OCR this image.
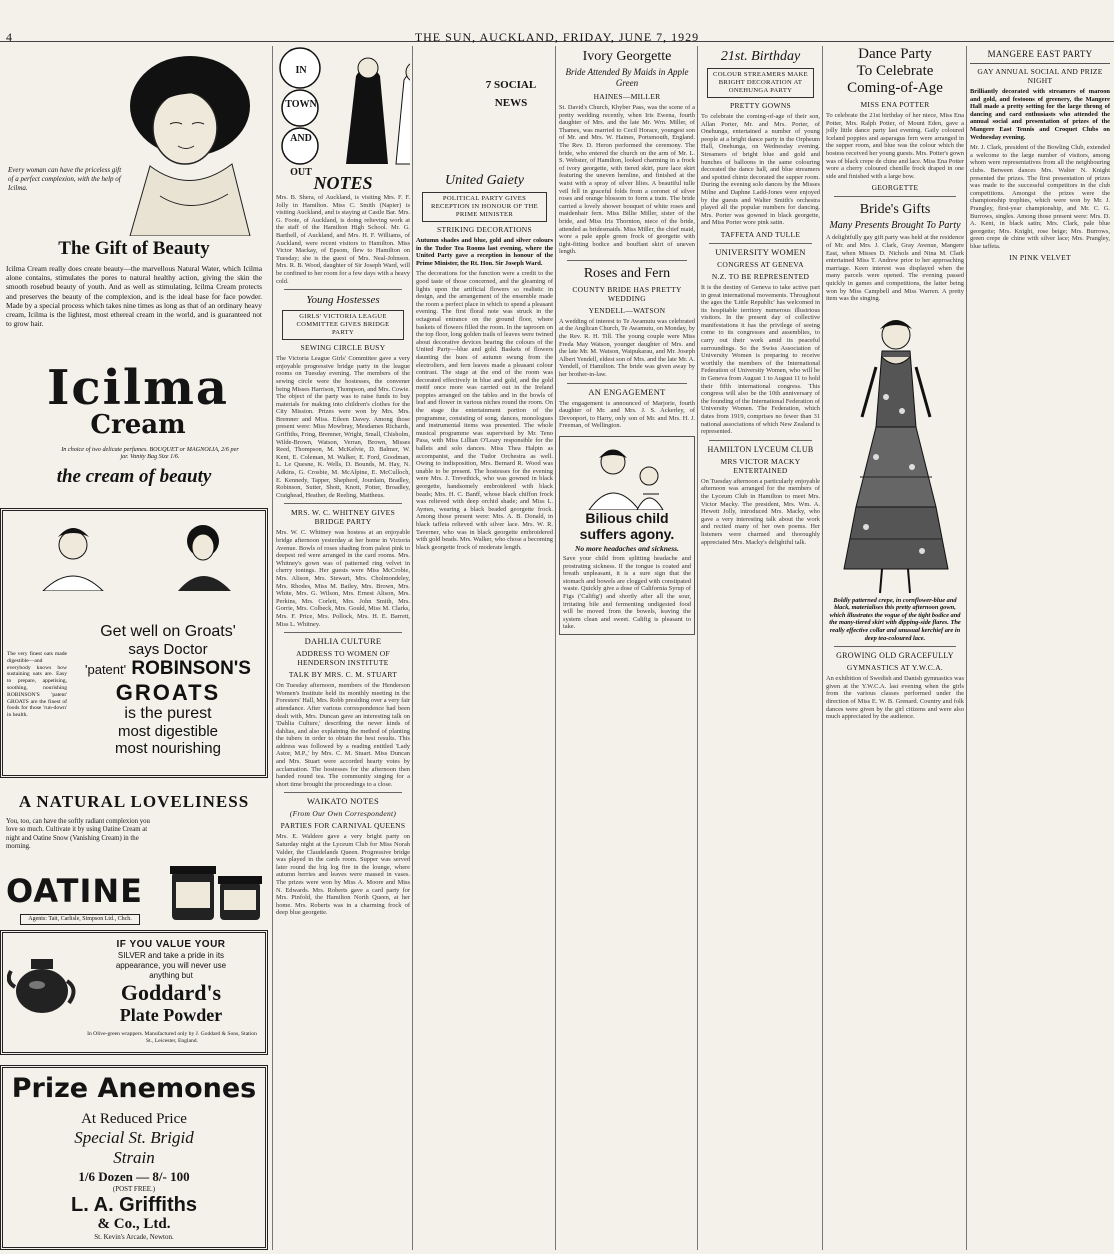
4	THE SUN, AUCKLAND, FRIDAY, JUNE 7, 1929
Every woman can have the priceless gift of a perfect complexion, with the help of Icilma.
The Gift of Beauty
Icilma Cream really does create beauty—the marvellous Natural Water, which Icilma alone contains, stimulates the pores to natural healthy action, giving the skin the smooth rosebud beauty of youth. And as well as stimulating, Icilma Cream protects and preserves the beauty of the complexion, and is the ideal base for face powder. Made by a special process which takes nine times as long as that of an ordinary heavy cream, Icilma is the lightest, most ethereal cream in the world, and is guaranteed not to grow hair.
Icilma
Cream
In choice of two delicate perfumes. BOUQUET or MAGNOLIA, 2/6 per jar. Vanity Bag Size 1/6.
the cream of beauty
The very finest oats made digestible—and everybody knows how sustaining oats are. Easy to prepare, appetising, soothing, nourishing ROBINSON'S 'patent' GROATS are the finest of foods for those 'run-down' in health.
Get well on Groats'
says Doctor
'patent' ROBINSON'S
GROATS
is the purest
most digestible
most nourishing
A NATURAL LOVELINESS
You, too, can have the softly radiant complexion you love so much. Cultivate it by using Oatine Cream at night and Oatine Snow (Vanishing Cream) in the morning.
OATINE
Agents: Tait, Carlisle, Simpson Ltd., Chch.
IF YOU VALUE YOUR
SILVER and take a pride in its
appearance, you will never use
anything but
Goddard's
Plate Powder
In Olive-green wrappers. Manufactured only by J. Goddard & Sons, Station St., Leicester, England.
Prize Anemones
At Reduced Price
Special St. Brigid
Strain
1/6 Dozen — 8/- 100
(POST FREE.)
L. A. Griffiths
& Co., Ltd.
St. Kevin's Arcade, Newton.
IN TOWN AND OUT
NOTES
Mrs. B. Shera, of Auckland, is visiting Mrs. F. F. Jolly in Hamilton. Miss C. Smith (Napier) is visiting Auckland, and is staying at Castle Bar. Mrs. G. Foote, of Auckland, is doing relieving work at the staff of the Hamilton High School. Mr. G. Barthell, of Auckland, and Mrs. H. F. Williams, of Auckland, were recent visitors to Hamilton. Miss Victor Mackay, of Epsom, flew to Hamilton on Tuesday; she is the guest of Mrs. Neal-Johnson. Mrs. R. B. Wood, daughter of Sir Joseph Ward, will be confined to her room for a few days with a heavy cold.
Young Hostesses
GIRLS' VICTORIA LEAGUE COMMITTEE GIVES BRIDGE PARTY
SEWING CIRCLE BUSY
The Victoria League Girls' Committee gave a very enjoyable progressive bridge party in the league rooms on Tuesday evening. The members of the sewing circle were the hostesses, the convener being Misses Harrison, Thompson, and Mrs. Cowie. The object of the party was to raise funds to buy materials for making into children's clothes for the City Mission. Prizes were won by Mrs. Mrs. Bremner and Miss. Eileen Davey. Among those present were: Miss Mowbray, Mesdames Richards, Griffiths, Fring, Bremner, Wright, Small, Chisholm, Wilde-Brown, Watson, Verran, Brown, Misses Reed, Thompson, M. McKelvie, D. Balmer, W. Kent, E. Coleman, M. Walker, E. Ford, Goodman, L. Le Quesne, K. Wells, D. Bounds, M. Hay, N. Adkins, G. Crosbie, M. McAlpine, E. McCulloch, E. Kennedy, Tapper, Shepherd, Jourdain, Bradley, Robinson, Sutter, Shott, Knott, Potter, Broadley, Craighead, Heather, de Reeling, Mattheus.
MRS. W. C. WHITNEY GIVES BRIDGE PARTY
Mrs. W. C. Whitney was hostess at an enjoyable bridge afternoon yesterday at her home in Victoria Avenue. Bowls of roses shading from palest pink to deepest red were arranged in the card rooms. Mrs. Whitney's gown was of patterned ring velvet in cherry tonings. Her guests were Miss McCrobie, Mrs. Alison, Mrs. Stewart, Mrs. Cholmondeley, Mrs. Rhodes, Miss M. Bailey, Mrs. Brown, Mrs. White, Mrs. G. Wilson, Mrs. Ernest Alison, Mrs. Perkins, Mrs. Corlett, Mrs. John Smith, Mrs. Gorrie, Mrs. Colbeck, Mrs. Gould, Miss M. Clarks, Mrs. F. Price, Mrs. Pollock, Mrs. H. E. Barrett, Miss L. Whitney.
DAHLIA CULTURE
ADDRESS TO WOMEN OF HENDERSON INSTITUTE
TALK BY MRS. C. M. STUART
On Tuesday afternoon, members of the Henderson Women's Institute held its monthly meeting in the Foresters' Hall, Mrs. Robb presiding over a very fair attendance. After various correspondence had been dealt with, Mrs. Duncan gave an interesting talk on 'Dahlia Culture,' describing the never kinds of dahlias, and also explaining the method of planting the tubers in order to obtain the best results. This address was followed by a reading entitled 'Lady Astor, M.P.,' by Mrs. C. M. Stuart. Miss Duncan and Mrs. Stuart were accorded hearty votes by acclamation. The hostesses for the afternoon then handed round tea. The community singing for a short time brought the proceedings to a close.
WAIKATO NOTES
(From Our Own Correspondent)
PARTIES FOR CARNIVAL QUEENS
Mrs. E. Waldere gave a very bright party on Saturday night at the Lyceum Club for Miss Norah Valder, the Claudelands Queen. Progressive bridge was played in the cards room. Supper was served later round the big log fire in the lounge, where autumn berries and leaves were massed in vases. The prizes were won by Miss A. Moore and Miss N. Edwards. Mrs. Roberts gave a card party for Mrs. Pinfold, the Hamilton North Queen, at her home. Mrs. Roberts was in a charming frock of deep blue georgette.
7 SOCIAL NEWS
United Gaiety
POLITICAL PARTY GIVES RECEPTION IN HONOUR OF THE PRIME MINISTER
STRIKING DECORATIONS
Autumn shades and blue, gold and silver colours in the Tudor Tea Rooms last evening, where the United Party gave a reception in honour of the Prime Minister, the Rt. Hon. Sir Joseph Ward.
The decorations for the function were a credit to the good taste of those concerned, and the gleaming of lights upon the artificial flowers so realistic in design, and the arrangement of the ensemble made the room a perfect place in which to spend a pleasant evening. The first floral note was struck in the octagonal entrance on the ground floor, where baskets of flowers filled the room. In the taproom on the top floor, long golden trails of leaves were twined about decorative devices bearing the colours of the United Party—blue and gold. Baskets of flowers daunting the hues of autumn swung from the electroliers, and fern leaves made a pleasant colour contrast. The stage at the end of the room was decorated effectively in blue and gold, and the gold motif once more was carried out in the Ireland poppies arranged on the tables and in the bowls of leaf and flower in various niches round the room. On the stage the entertainment portion of the programme, consisting of song, dances, monologues and instrumental items was presented. The whole musical programme was supervised by Mr. Teno Pasa, with Miss Lillian O'Leary responsible for the ballets and solo dances. Miss Thea Halpin as accompanist, and the Tudor Orchestra as well. Owing to indisposition, Mrs. Bernard R. Wood was unable to be present. The hostesses for the evening were Mrs. J. Trevethick, who was gowned in black georgette, handsomely embroidered with black beads; Mrs. H. C. Banff, whose black chiffon frock was relieved with deep orchid shade; and Miss L. Aymes, wearing a black beaded georgette frock. Among those present were: Mrs. A. B. Donald, in black taffeta relieved with silver lace. Mrs. W. R. Taverner, who was in black georgette embroidered with gold beads. Mrs. Walker, who chose a becoming black georgette frock of moderate length.
Ivory Georgette
Bride Attended By Maids in Apple Green
HAINES—MILLER
St. David's Church, Khyber Pass, was the scene of a pretty wedding recently, when Iris Ewena, fourth daughter of Mrs. and the late Mr. Wm. Miller, of Thames, was married to Cecil Horace, youngest son of Mr. and Mrs. W. Haines, Portsmouth, England. The Rev. D. Heron performed the ceremony. The bride, who entered the church on the arm of Mr. L. S. Webster, of Hamilton, looked charming in a frock of ivory georgette, with tiered skirt, pure lace skirt featuring the uneven hemline, and finished at the waist with a spray of silver lilies. A beautiful tulle veil fell in graceful folds from a coronet of silver roses and orange blossom to form a train. The bride carried a lovely shower bouquet of white roses and maidenhair fern. Miss Billie Miller, sister of the bride, and Miss Iris Thornton, niece of the bride, attended as bridesmaids. Miss Miller, the chief maid, wore a pale apple green frock of georgette with tight-fitting bodice and bouffant skirt of uneven length.
Roses and Fern
COUNTY BRIDE HAS PRETTY WEDDING
YENDELL—WATSON
A wedding of interest to Te Awamutu was celebrated at the Anglican Church, Te Awamutu, on Monday, by the Rev. R. H. Till. The young couple were Miss Freda May Watson, younger daughter of Mrs. and the late Mr. M. Watson, Waipukarau, and Mr. Joseph Albert Yendell, eldest son of Mrs. and the late Mr. A. Yendell, of Hamilton. The bride was given away by her brother-in-law.
AN ENGAGEMENT
The engagement is announced of Marjorie, fourth daughter of Mr. and Mrs. J. S. Ackerley, of Devonport, to Harry, only son of Mr. and Mrs. H. J. Freeman, of Wellington.
Bilious child suffers agony.
No more headaches and sickness.
Save your child from splitting headache and prostrating sickness. If the tongue is coated and breath unpleasant, it is a sure sign that the stomach and bowels are clogged with constipated waste. Quickly give a dose of California Syrup of Figs ('Califig') and shortly after all the sour, irritating bile and fermenting undigested food will be moved from the bowels, leaving the system clean and sweet. Califig is pleasant to take.
21st. Birthday
COLOUR STREAMERS MAKE BRIGHT DECORATION AT ONEHUNGA PARTY
PRETTY GOWNS
To celebrate the coming-of-age of their son, Allan Porter, Mr. and Mrs. Porter, of Onehunga, entertained a number of young people at a bright dance party in the Orpheum Hall, Onehunga, on Wednesday evening. Streamers of bright blue and gold and bunches of balloons in the same colouring decorated the dance hall, and blue streamers and spotted chintz decorated the supper room. During the evening solo dances by the Misses Milne and Daphne Ladd-Jones were enjoyed by the guests and Walter Smith's orchestra played all the popular numbers for dancing. Mrs. Porter was gowned in black georgette, and Miss Porter wore pink satin.
TAFFETA AND TULLE
UNIVERSITY WOMEN
CONGRESS AT GENEVA
N.Z. TO BE REPRESENTED
It is the destiny of Geneva to take active part in great international movements. Throughout the ages the 'Little Republic' has welcomed in its hospitable territory numerous illustrious visitors. In the present day of collective manifestations it has the privilege of seeing come to its congresses and assemblies, to carry out their work amid its peaceful surroundings. So the Swiss Association of University Women is preparing to receive worthily the members of the International Federation of University Women, who will be in Geneva from August 1 to August 11 to hold their fifth international congress. This congress will also be the 10th anniversary of the founding of the International Federation of University Women. The Federation, which dates from 1919, comprises no fewer than 31 national associations of which New Zealand is represented.
HAMILTON LYCEUM CLUB
MRS VICTOR MACKY ENTERTAINED
On Tuesday afternoon a particularly enjoyable afternoon was arranged for the members of the Lyceum Club in Hamilton to meet Mrs. Victor Macky. The president, Mrs. Wm. A. Hewett Jolly, introduced Mrs. Macky, who gave a very interesting talk about the work and recited many of her own poems. Her listeners were charmed and thoroughly appreciated Mrs. Macky's delightful talk.
Dance Party
To Celebrate
Coming-of-Age
MISS ENA POTTER
To celebrate the 21st birthday of her niece, Miss Ena Potter, Mrs. Ralph Potter, of Mount Eden, gave a jolly little dance party last evening. Gaily coloured Iceland poppies and asparagus fern were arranged in the supper room, and blue was the colour which the hostess received her young guests. Mrs. Potter's gown was of black crepe de chine and lace. Miss Ena Potter wore a cherry coloured chenille frock draped in one side and finished with a large bow.
GEORGETTE
Bride's Gifts
Many Presents Brought To Party
A delightfully gay gift party was held at the residence of Mr. and Mrs. J. Clark, Gray Avenue, Mangere East, when Misses D. Nichols and Nina M. Clark entertained Miss T. Andrew prior to her approaching marriage. Keen interest was displayed when the many parcels were opened. The evening passed quickly in games and competitions, the latter being won by Miss Campbell and Miss Warren. A pretty item was the singing.
Boldly patterned crepe, in cornflower-blue and black, materialises this pretty afternoon gown, which illustrates the vogue of the tight bodice and the many-tiered skirt with dipping-side flares. The really effective collar and unusual kerchief are in deep tea-coloured lace.
GROWING OLD GRACEFULLY
GYMNASTICS AT Y.W.C.A.
An exhibition of Swedish and Danish gymnastics was given at the Y.W.C.A. last evening when the girls from the various classes performed under the direction of Miss E. W. B. Grenard. Country and folk dances were given by the girl citizens and were also much appreciated by the audience.
MANGERE EAST PARTY
GAY ANNUAL SOCIAL AND PRIZE NIGHT
Brilliantly decorated with streamers of maroon and gold, and festoons of greenery, the Mangere Hall made a pretty setting for the large throng of dancing and card enthusiasts who attended the annual social and presentation of prizes of the Mangere East Tennis and Croquet Clubs on Wednesday evening.
Mr. J. Clark, president of the Bowling Club, extended a welcome to the large number of visitors, among whom were representatives from all the neighbouring clubs. Between dances Mrs. Walter N. Knight presented the prizes. The first presentation of prizes was made to the successful competitors in the club competitions. Amongst the prizes were the championship trophies, which were won by Mr. J. Prangley, first-year championship, and Mr. C. G. Burrows, singles. Among those present were: Mrs. D. A. Kent, in black satin; Mrs. Clark, pale blue georgette; Mrs. Knight, rose beige; Mrs. Burrows, green crepe de chine with silver lace; Mrs. Prangley, blue taffeta.
IN PINK VELVET
